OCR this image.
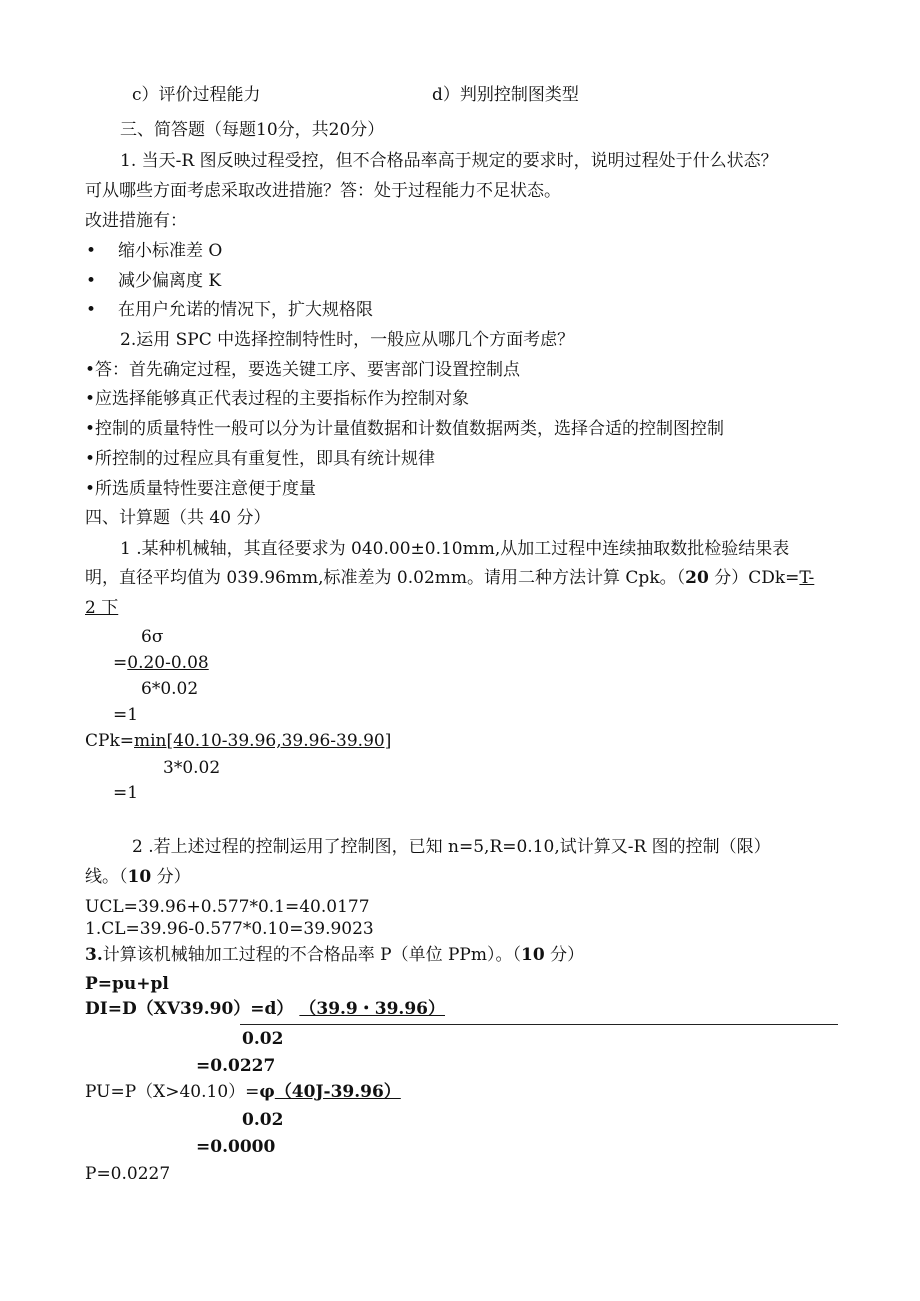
c）评价过程能力	d）判别控制图类型
三、简答题（每题10分，共20分）
1. 当天-R 图反映过程受控，但不合格品率高于规定的要求时，说明过程处于什么状态？
可从哪些方面考虑采取改进措施？答：处于过程能力不足状态。
改进措施有：
• 缩小标准差 O
• 减少偏离度 K
• 在用户允诺的情况下，扩大规格限
2.运用 SPC 中选择控制特性时，一般应从哪几个方面考虑？
•答：首先确定过程，要选关键工序、要害部门设置控制点
•应选择能够真正代表过程的主要指标作为控制对象
•控制的质量特性一般可以分为计量值数据和计数值数据两类，选择合适的控制图控制
•所控制的过程应具有重复性，即具有统计规律
•所选质量特性要注意便于度量
四、计算题（共 40 分）
1 .某种机械轴，其直径要求为 040.00±0.10mm,从加工过程中连续抽取数批检验结果表
明，直径平均值为 039.96mm,标准差为 0.02mm。请用二种方法计算 Cpk。（20 分）CDk=T-
2 下
6σ
=0.20-0.08
6*0.02
=1
CPk=min[40.10-39.96,39.96-39.90]
3*0.02
=1
2 .若上述过程的控制运用了控制图，已知 n=5,R=0.10,试计算又-R 图的控制（限）
线。（10 分）
UCL=39.96+0.577*0.1=40.0177
1.CL=39.96-0.577*0.10=39.9023
3.计算该机械轴加工过程的不合格品率 P（单位 PPm）。（10 分）
P=pu+pl
DI=D（XV39.90）=d） （39.9・39.96）
0.02
=0.0227
PU=P（X>40.10）=φ（40J-39.96）
0.02
=0.0000
P=0.0227
